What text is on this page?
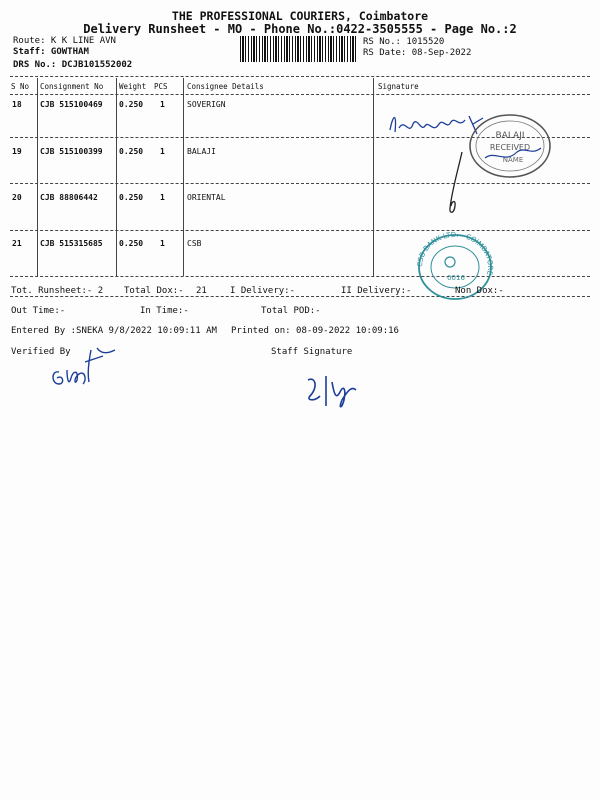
THE PROFESSIONAL COURIERS, Coimbatore
Delivery Runsheet - MO - Phone No.:0422-3505555 - Page No.:2
Route: K K LINE AVN
Staff: GOWTHAM
DRS No.: DCJB101552002
RS No.: 1015520
RS Date: 08-Sep-2022
S No Consignment No Weight PCS	Consignee Details	Signature
18 CJB 515100469 0.250 1	SOVERIGN
19 CJB 515100399 0.250 1	BALAJI
20 CJB 88806442	0.250 1	ORIENTAL
21 CJB 515315685 0.250 1	CSB
BALAJI
RECEIVED
NAME
CSB BANK LTD. - COIMBATORE
0016
Tot. Runsheet:- 2 Total Dox:- 21	I Delivery:-	II Delivery:-	Non Dox:-
Out Time:-	In Time:-	Total POD:-
Entered By :SNEKA 9/8/2022 10:09:11 AM Printed on: 08-09-2022 10:09:16
Verified By	Staff Signature
